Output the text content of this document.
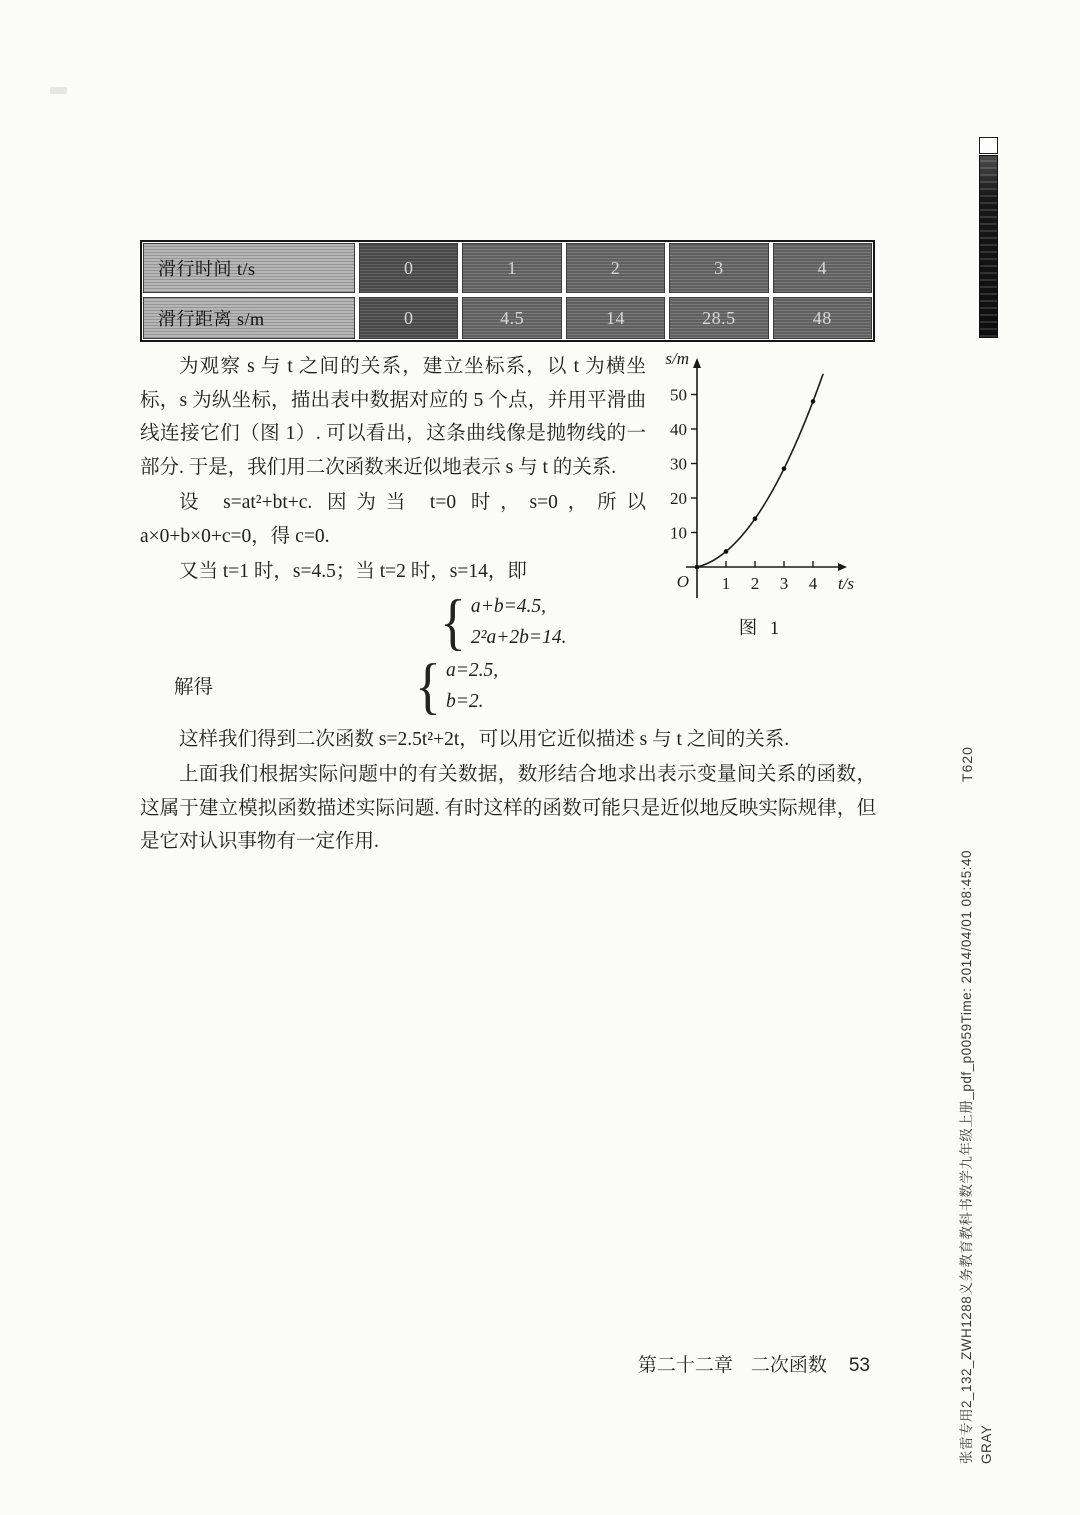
滑行时间 t/s	0	1	2	3	4
滑行距离 s/m	0	4.5	14	28.5	48

为观察 s 与 t 之间的关系，建立坐标系，以 t 为横坐标，s 为纵坐标，描出表中数据对应的 5 个点，并用平滑曲线连接它们（图 1）. 可以看出，这条曲线像是抛物线的一部分. 于是，我们用二次函数来近似地表示 s 与 t 的关系.

设 s=at²+bt+c. 因为当 t=0 时，s=0，所以 a×0+b×0+c=0，得 c=0.

又当 t=1 时，s=4.5；当 t=2 时，s=14，即

{ a+b=4.5,
2²a+2b=14.
解得	{ a=2.5,
b=2.
1 2 3 4
10
20
30
40
50
s/m
t/s
O
图 1

这样我们得到二次函数 s=2.5t²+2t，可以用它近似描述 s 与 t 之间的关系.

上面我们根据实际问题中的有关数据，数形结合地求出表示变量间关系的函数，这属于建立模拟函数描述实际问题. 有时这样的函数可能只是近似地反映实际规律，但是它对认识事物有一定作用.

第二十二章 二次函数 53
T620
张雷专用2_132_ZWH1288义务教育教科书数学九年级上册_pdf_p0059Time: 2014/04/01 08:45:40 GRAY
